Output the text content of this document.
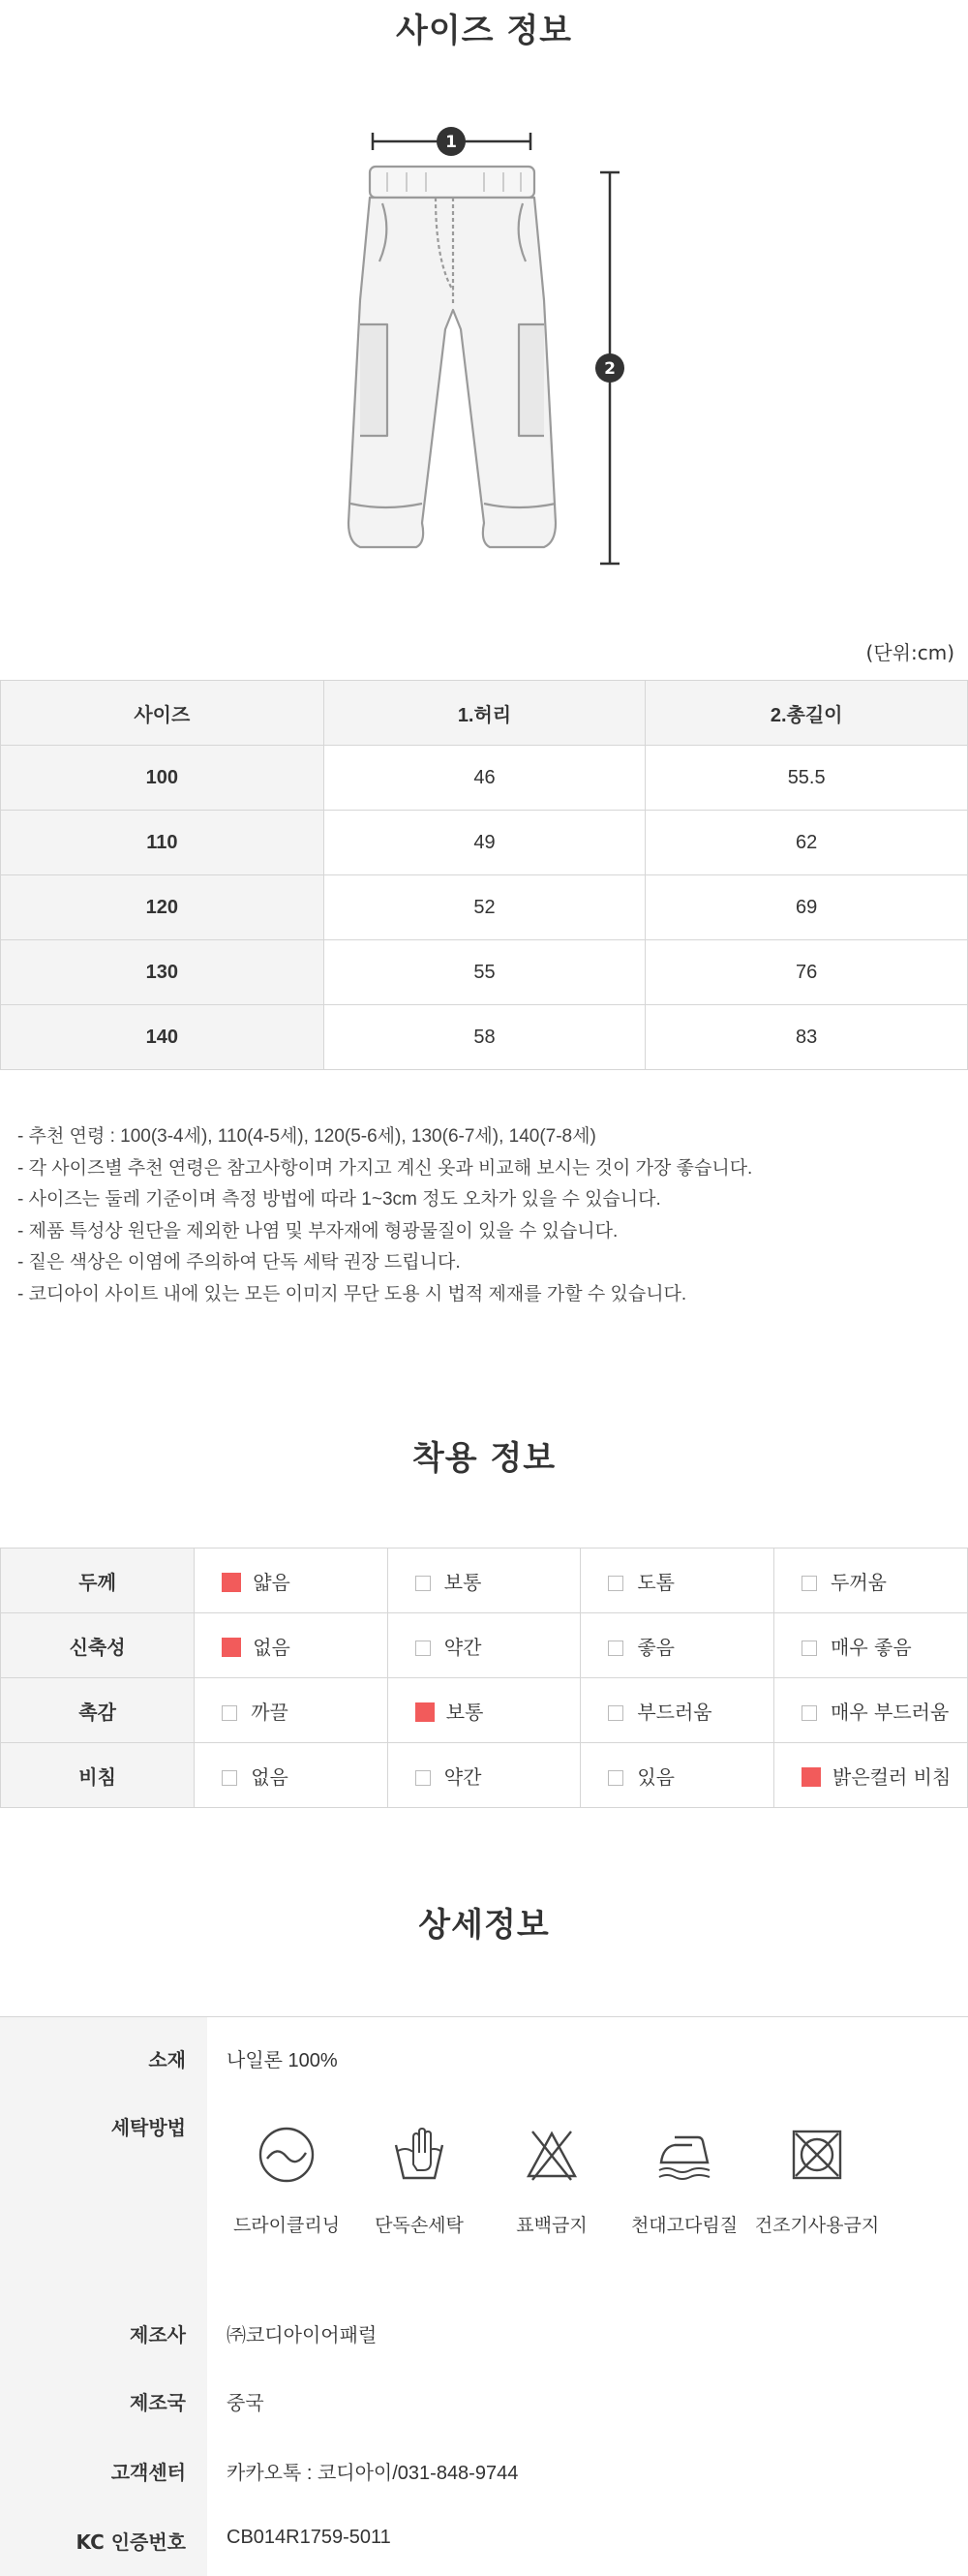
사이즈 정보
1
2
(단위:cm)
사이즈	1.허리	2.총길이
100	46	55.5
110	49	62
120	52	69
130	55	76
140	58	83
- 추천 연령 : 100(3-4세), 110(4-5세), 120(5-6세), 130(6-7세), 140(7-8세)
- 각 사이즈별 추천 연령은 참고사항이며 가지고 계신 옷과 비교해 보시는 것이 가장 좋습니다.
- 사이즈는 둘레 기준이며 측정 방법에 따라 1~3cm 정도 오차가 있을 수 있습니다.
- 제품 특성상 원단을 제외한 나염 및 부자재에 형광물질이 있을 수 있습니다.
- 짙은 색상은 이염에 주의하여 단독 세탁 권장 드립니다.
- 코디아이 사이트 내에 있는 모든 이미지 무단 도용 시 법적 제재를 가할 수 있습니다.
착용 정보
두께	얇음	보통	도톰	두꺼움
신축성	없음	약간	좋음	매우 좋음
촉감	까끌	보통	부드러움	매우 부드러움
비침	없음	약간	있음	밝은컬러 비침
상세정보
소재 나일론 100%
세탁방법
드라이클리닝	단독손세탁	표백금지	천대고다림질 건조기사용금지
제조사 ㈜코디아이어패럴
제조국 중국
고객센터 카카오톡 : 코디아이/031-848-9744
KC 인증번호 CB014R1759-5011
